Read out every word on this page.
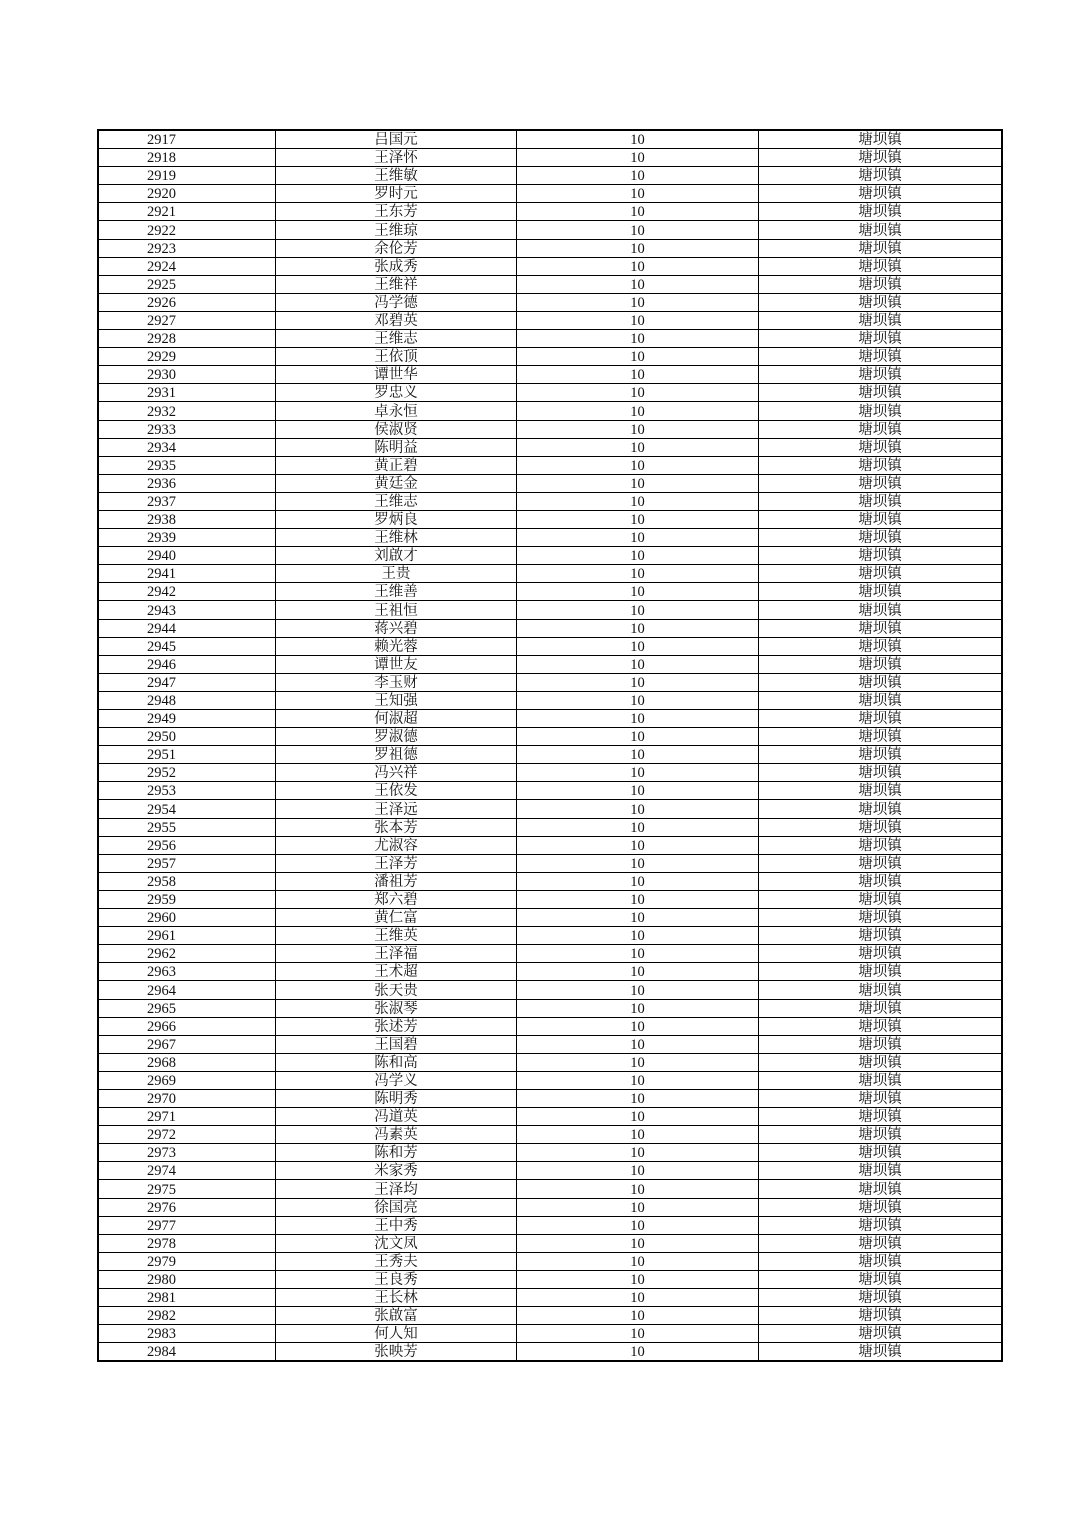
2917	吕国元	10	塘坝镇
2918	王泽怀	10	塘坝镇
2919	王维敏	10	塘坝镇
2920	罗时元	10	塘坝镇
2921	王东芳	10	塘坝镇
2922	王维琼	10	塘坝镇
2923	余伦芳	10	塘坝镇
2924	张成秀	10	塘坝镇
2925	王维祥	10	塘坝镇
2926	冯学德	10	塘坝镇
2927	邓碧英	10	塘坝镇
2928	王维志	10	塘坝镇
2929	王依顶	10	塘坝镇
2930	谭世华	10	塘坝镇
2931	罗忠义	10	塘坝镇
2932	卓永恒	10	塘坝镇
2933	侯淑贤	10	塘坝镇
2934	陈明益	10	塘坝镇
2935	黄正碧	10	塘坝镇
2936	黄廷金	10	塘坝镇
2937	王维志	10	塘坝镇
2938	罗炳良	10	塘坝镇
2939	王维林	10	塘坝镇
2940	刘啟才	10	塘坝镇
2941	王贵	10	塘坝镇
2942	王维善	10	塘坝镇
2943	王祖恒	10	塘坝镇
2944	蒋兴碧	10	塘坝镇
2945	赖光蓉	10	塘坝镇
2946	谭世友	10	塘坝镇
2947	李玉财	10	塘坝镇
2948	王知强	10	塘坝镇
2949	何淑超	10	塘坝镇
2950	罗淑德	10	塘坝镇
2951	罗祖德	10	塘坝镇
2952	冯兴祥	10	塘坝镇
2953	王依发	10	塘坝镇
2954	王泽远	10	塘坝镇
2955	张本芳	10	塘坝镇
2956	尤淑容	10	塘坝镇
2957	王泽芳	10	塘坝镇
2958	潘祖芳	10	塘坝镇
2959	郑六碧	10	塘坝镇
2960	黄仁富	10	塘坝镇
2961	王维英	10	塘坝镇
2962	王泽福	10	塘坝镇
2963	王术超	10	塘坝镇
2964	张天贵	10	塘坝镇
2965	张淑琴	10	塘坝镇
2966	张述芳	10	塘坝镇
2967	王国碧	10	塘坝镇
2968	陈和高	10	塘坝镇
2969	冯学义	10	塘坝镇
2970	陈明秀	10	塘坝镇
2971	冯道英	10	塘坝镇
2972	冯素英	10	塘坝镇
2973	陈和芳	10	塘坝镇
2974	米家秀	10	塘坝镇
2975	王泽均	10	塘坝镇
2976	徐国亮	10	塘坝镇
2977	王中秀	10	塘坝镇
2978	沈文凤	10	塘坝镇
2979	王秀夫	10	塘坝镇
2980	王良秀	10	塘坝镇
2981	王长林	10	塘坝镇
2982	张啟富	10	塘坝镇
2983	何人知	10	塘坝镇
2984	张映芳	10	塘坝镇
